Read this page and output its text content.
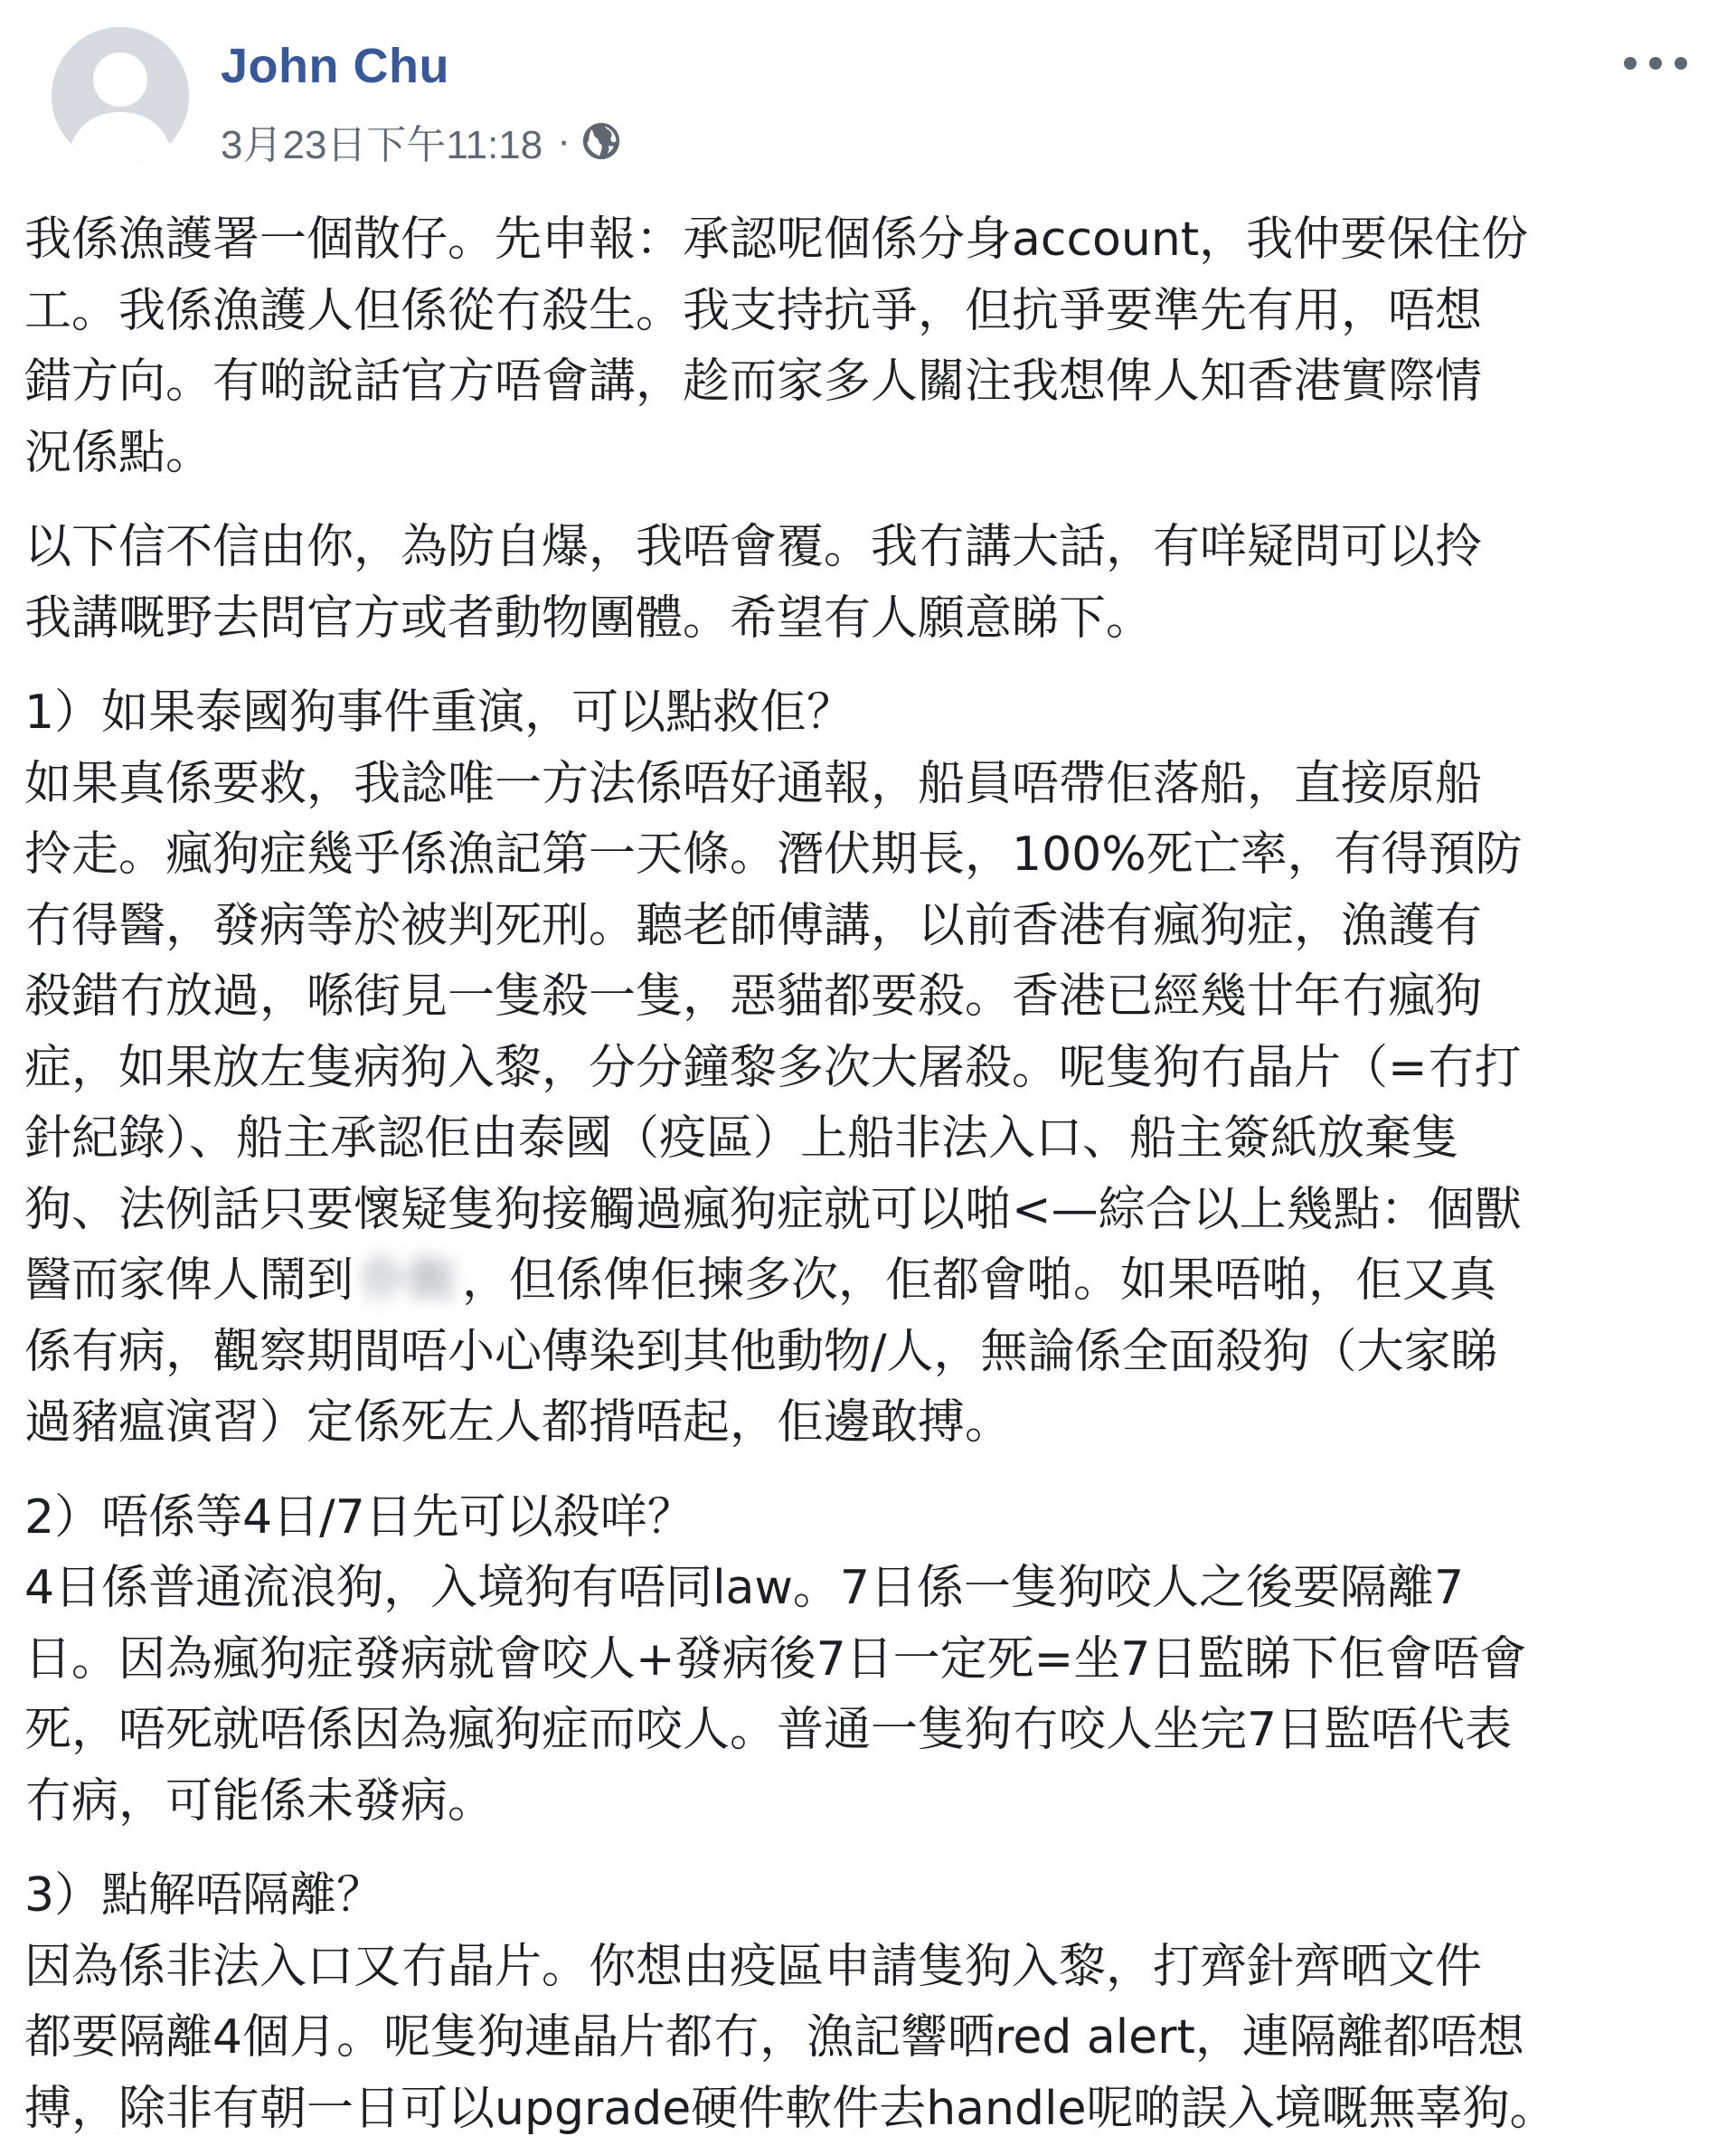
John Chu
3月23日下午11:18 ·

我係漁護署一個散仔。先申報：承認呢個係分身account，我仲要保住份

工。我係漁護人但係從冇殺生。我支持抗爭，但抗爭要準先有用，唔想

錯方向。有啲說話官方唔會講，趁而家多人關注我想俾人知香港實際情

況係點。

以下信不信由你，為防自爆，我唔會覆。我冇講大話，有咩疑問可以拎

我講嘅野去問官方或者動物團體。希望有人願意睇下。

1）如果泰國狗事件重演，可以點救佢？

如果真係要救，我諗唯一方法係唔好通報，船員唔帶佢落船，直接原船

拎走。瘋狗症幾乎係漁記第一天條。潛伏期長，100%死亡率，有得預防

冇得醫，發病等於被判死刑。聽老師傅講，以前香港有瘋狗症，漁護有

殺錯冇放過，喺街見一隻殺一隻，惡貓都要殺。香港已經幾廿年冇瘋狗

症，如果放左隻病狗入黎，分分鐘黎多次大屠殺。呢隻狗冇晶片（=冇打

針紀錄）、船主承認佢由泰國（疫區）上船非法入口、船主簽紙放棄隻

狗、法例話只要懷疑隻狗接觸過瘋狗症就可以啪<—綜合以上幾點：個獸

醫而家俾人鬧到 仆街 ，但係俾佢揀多次，佢都會啪。如果唔啪，佢又真

係有病，觀察期間唔小心傳染到其他動物/人，無論係全面殺狗（大家睇

過豬瘟演習）定係死左人都揹唔起，佢邊敢搏。

2）唔係等4日/7日先可以殺咩？

4日係普通流浪狗，入境狗有唔同law。7日係一隻狗咬人之後要隔離7

日。因為瘋狗症發病就會咬人+發病後7日一定死=坐7日監睇下佢會唔會

死，唔死就唔係因為瘋狗症而咬人。普通一隻狗冇咬人坐完7日監唔代表

冇病，可能係未發病。

3）點解唔隔離？

因為係非法入口又冇晶片。你想由疫區申請隻狗入黎，打齊針齊晒文件

都要隔離4個月。呢隻狗連晶片都冇，漁記響晒red alert，連隔離都唔想

搏，除非有朝一日可以upgrade硬件軟件去handle呢啲誤入境嘅無辜狗。
